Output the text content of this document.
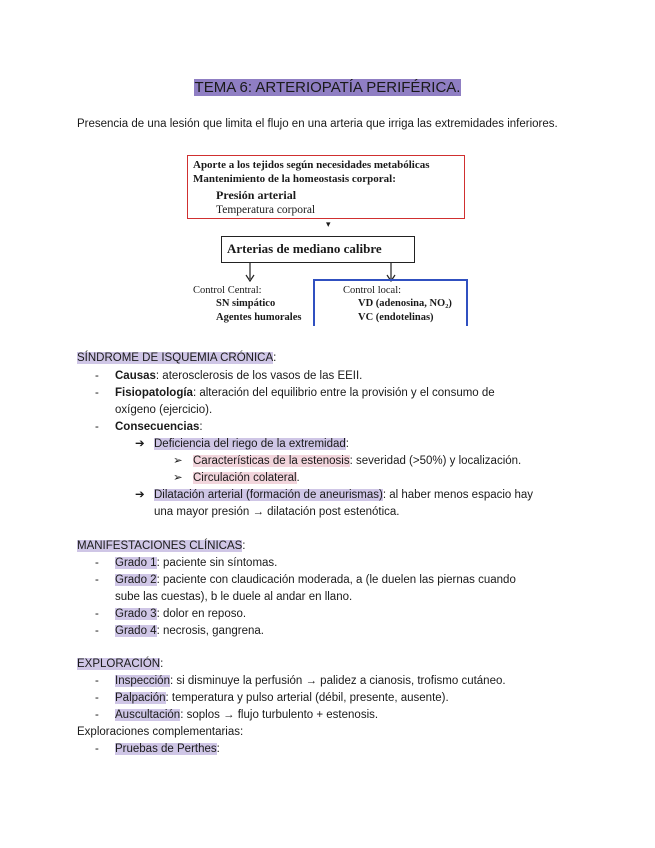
TEMA 6: ARTERIOPATÍA PERIFÉRICA.
Presencia de una lesión que limita el flujo en una arteria que irriga las extremidades inferiores.
Aporte a los tejidos según necesidades metabólicas
Mantenimiento de la homeostasis corporal:
Presión arterial
Temperatura corporal
▾
Arterias de mediano calibre
Control Central:
SN simpático
Agentes humorales
Control local:
VD (adenosina, NO₂)
VC (endotelinas)
SÍNDROME DE ISQUEMIA CRÓNICA:
- Causas: aterosclerosis de los vasos de las EEII.
- Fisiopatología: alteración del equilibrio entre la provisión y el consumo de
oxígeno (ejercicio).
- Consecuencias:
➔ Deficiencia del riego de la extremidad:
➢ Características de la estenosis: severidad (>50%) y localización.
➢ Circulación colateral.
➔ Dilatación arterial (formación de aneurismas): al haber menos espacio hay
una mayor presión → dilatación post estenótica.
MANIFESTACIONES CLÍNICAS:
- Grado 1: paciente sin síntomas.
- Grado 2: paciente con claudicación moderada, a (le duelen las piernas cuando
sube las cuestas), b le duele al andar en llano.
- Grado 3: dolor en reposo.
- Grado 4: necrosis, gangrena.
EXPLORACIÓN:
- Inspección: si disminuye la perfusión → palidez a cianosis, trofismo cutáneo.
- Palpación: temperatura y pulso arterial (débil, presente, ausente).
- Auscultación: soplos → flujo turbulento + estenosis.
Exploraciones complementarias:
- Pruebas de Perthes:
